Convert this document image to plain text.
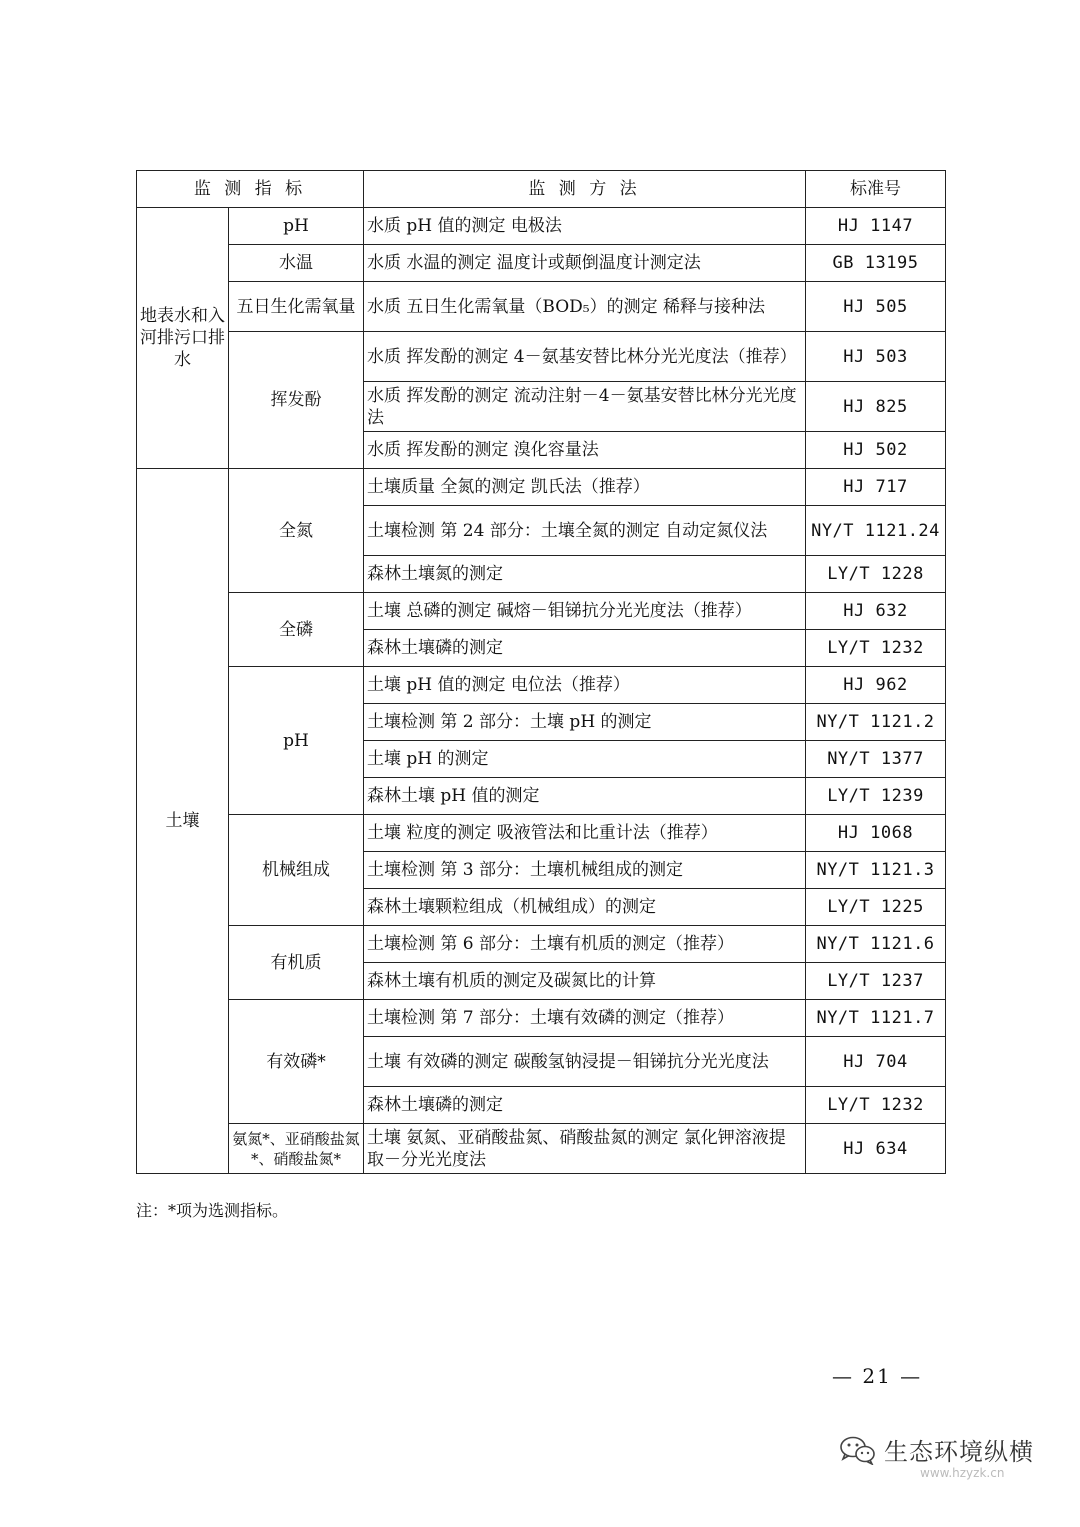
监 测 指 标		监 测 方 法	标准号
地表水和入河排污口排水	pH	水质 pH 值的测定 电极法	HJ 1147
	水温	水质 水温的测定 温度计或颠倒温度计测定法	GB 13195
	五日生化需氧量	水质 五日生化需氧量（BOD₅）的测定 稀释与接种法	HJ 505
	挥发酚	水质 挥发酚的测定 4－氨基安替比林分光光度法（推荐）	HJ 503
		水质 挥发酚的测定 流动注射－4－氨基安替比林分光光度法	HJ 825
		水质 挥发酚的测定 溴化容量法	HJ 502
土壤	全氮	土壤质量 全氮的测定 凯氏法（推荐）	HJ 717
		土壤检测 第 24 部分：土壤全氮的测定 自动定氮仪法	NY/T 1121.24
		森林土壤氮的测定	LY/T 1228
	全磷	土壤 总磷的测定 碱熔－钼锑抗分光光度法（推荐）	HJ 632
		森林土壤磷的测定	LY/T 1232
	pH	土壤 pH 值的测定 电位法（推荐）	HJ 962
		土壤检测 第 2 部分：土壤 pH 的测定	NY/T 1121.2
		土壤 pH 的测定	NY/T 1377
		森林土壤 pH 值的测定	LY/T 1239
	机械组成	土壤 粒度的测定 吸液管法和比重计法（推荐）	HJ 1068
		土壤检测 第 3 部分：土壤机械组成的测定	NY/T 1121.3
		森林土壤颗粒组成（机械组成）的测定	LY/T 1225
	有机质	土壤检测 第 6 部分：土壤有机质的测定（推荐）	NY/T 1121.6
		森林土壤有机质的测定及碳氮比的计算	LY/T 1237
	有效磷*	土壤检测 第 7 部分：土壤有效磷的测定（推荐）	NY/T 1121.7
		土壤 有效磷的测定 碳酸氢钠浸提－钼锑抗分光光度法	HJ 704
		森林土壤磷的测定	LY/T 1232
	氨氮*、亚硝酸盐氮*、硝酸盐氮*	土壤 氨氮、亚硝酸盐氮、硝酸盐氮的测定 氯化钾溶液提取－分光光度法	HJ 634
注：*项为选测指标。
— 21 —
生态环境纵横
www.hzyzk.cn
